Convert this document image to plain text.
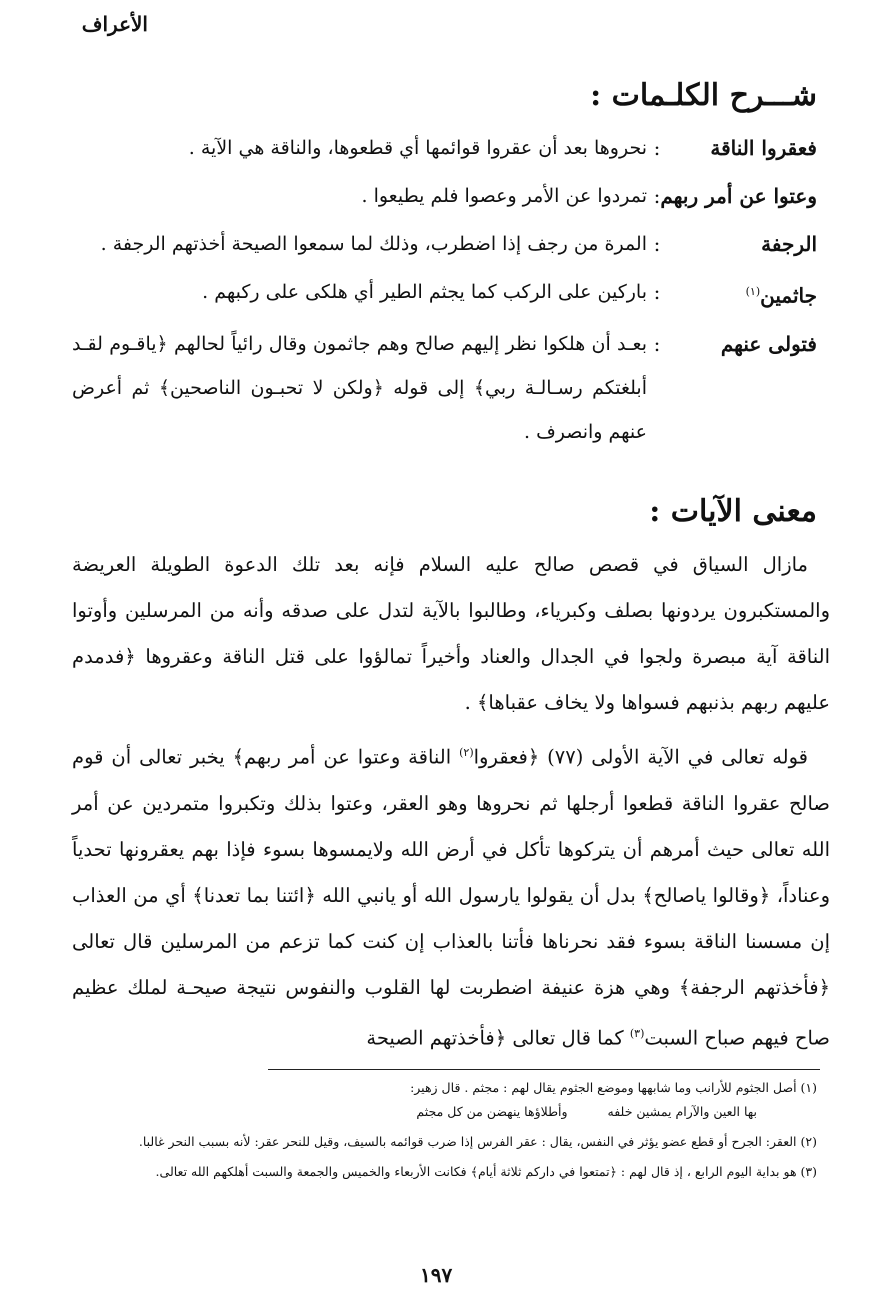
الأعراف
شـــرح الكلـمات :
فعقروا الناقة
:
نحروها بعد أن عقروا قوائمها أي قطعوها، والناقة هي الآية .
وعتوا عن أمر ربهم
:
تمردوا عن الأمر وعصوا فلم يطيعوا .
الرجفة
:
المرة من رجف إذا اضطرب، وذلك لما سمعوا الصيحة أخذتهم الرجفة .
جاثمين$^{(١)}$
:
باركين على الركب كما يجثم الطير أي هلكى على ركبهم .
فتولى عنهم
:
بعـد أن هلكوا نظر إليهم صالح وهم جاثمون وقال رائياً لحالهم ﴿ياقـوم لقـد أبلغتكم رسـالـة ربي﴾ إلى قوله ﴿ولكن لا تحبـون الناصحين﴾ ثم أعرض عنهم وانصرف .
معنى الآيات :

مازال السياق في قصص صالح عليه السلام فإنه بعد تلك الدعوة الطويلة العريضة والمستكبرون يردونها بصلف وكبرياء، وطالبوا بالآية لتدل على صدقه وأنه من المرسلين وأوتوا الناقة آية مبصرة ولجوا في الجدال والعناد وأخيراً تمالؤوا على قتل الناقة وعقروها ﴿فدمدم عليهم ربهم بذنبهم فسواها ولا يخاف عقباها﴾ .

قوله تعالى في الآية الأولى (٧٧) ﴿فعقروا$^{(٢)}$ الناقة وعتوا عن أمر ربهم﴾ يخبر تعالى أن قوم صالح عقروا الناقة قطعوا أرجلها ثم نحروها وهو العقر، وعتوا بذلك وتكبروا متمردين عن أمر الله تعالى حيث أمرهم أن يتركوها تأكل في أرض الله ولايمسوها بسوء فإذا بهم يعقرونها تحدياً وعناداً، ﴿وقالوا ياصالح﴾ بدل أن يقولوا يارسول الله أو يانبي الله ﴿ائتنا بما تعدنا﴾ أي من العذاب إن مسسنا الناقة بسوء فقد نحرناها فأتنا بالعذاب إن كنت كما تزعم من المرسلين قال تعالى ﴿فأخذتهم الرجفة﴾ وهي هزة عنيفة اضطربت لها القلوب والنفوس نتيجة صيحـة لملك عظيم صاح فيهم صباح السبت$^{(٣)}$ كما قال تعالى ﴿فأخذتهم الصيحة

(١) أصل الجثوم للأرانب وما شابهها وموضع الجثوم يقال لهم : مجثم . قال زهير:
بها العين والآرام يمشين خلفه
وأطلاؤها ينهضن من كل مجثم
(٢) العقر: الجرح أو قطع عضو يؤثر في النفس، يقال : عقر الفرس إذا ضرب قوائمه بالسيف، وقيل للنحر عقر: لأنه بسبب النحر غالبا.
(٣) هو بداية اليوم الرابع ، إذ قال لهم : ﴿تمتعوا في داركم ثلاثة أيام﴾ فكانت الأربعاء والخميس والجمعة والسبت أهلكهم الله تعالى.
١٩٧
